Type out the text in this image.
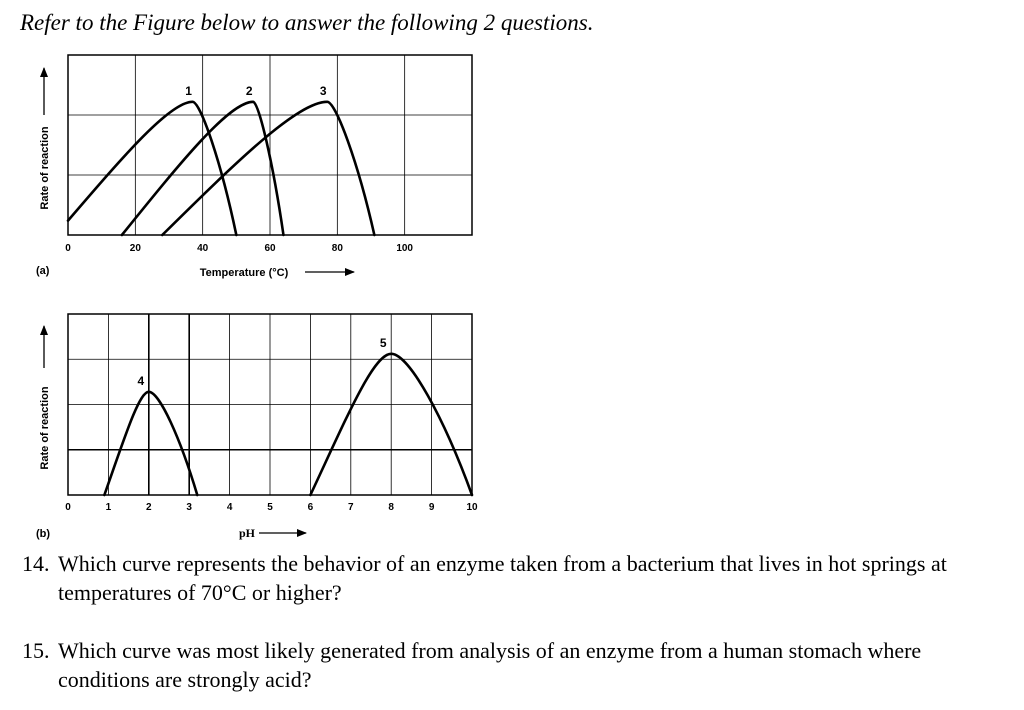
Refer to the Figure below to answer the following 2 questions.

1	2	3
0	20	40	60	80	100
Temperature (°C)
Rate of reaction
(a)
4
5
0	1	2	3	4	5	6	7	8	9	10
pH
Rate of reaction
(b)
14. Which curve represents the behavior of an enzyme taken from a bacterium that lives in hot springs at temperatures of 70°C or higher?
15. Which curve was most likely generated from analysis of an enzyme from a human stomach where conditions are strongly acid?
